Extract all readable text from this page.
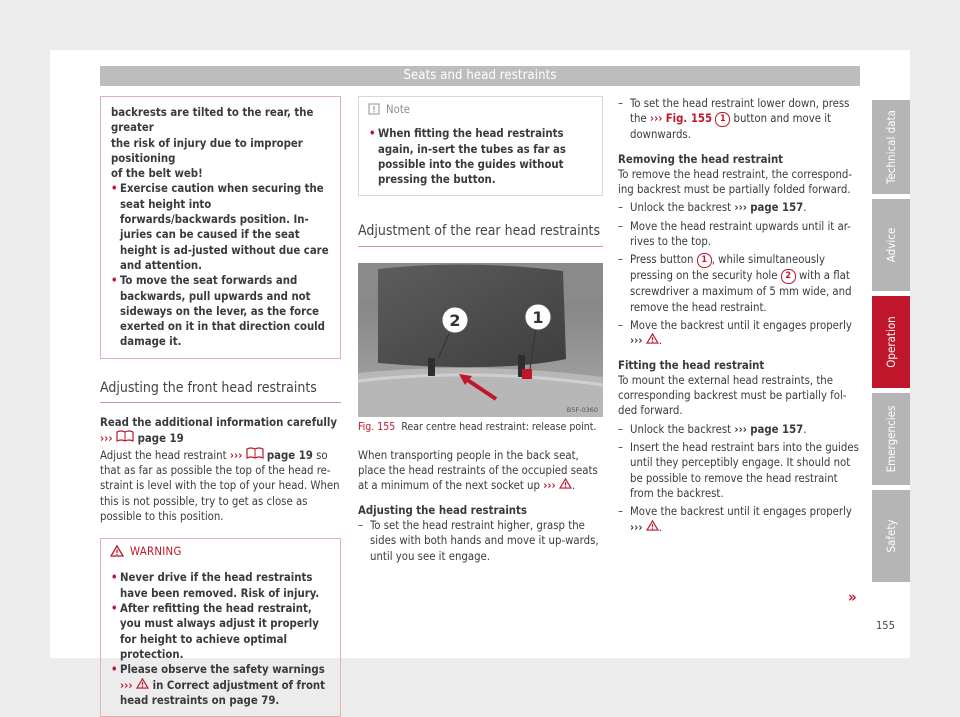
Seats and head restraints
backrests are tilted to the rear, the greater
the risk of injury due to improper positioning
of the belt web!
• Exercise caution when securing the seat height into forwards/backwards position. In-juries can be caused if the seat height is ad-justed without due care and attention.
• To move the seat forwards and backwards, pull upwards and not sideways on the lever, as the force exerted on it in that direction could damage it.
Adjusting the front head restraints
Read the additional information carefully
››› page 19
Adjust the head restraint ››› page 19 so that as far as possible the top of the head re-straint is level with the top of your head. When this is not possible, try to get as close as possible to this position.
WARNING
• Never drive if the head restraints have been removed. Risk of injury.
• After refitting the head restraint, you must always adjust it properly for height to achieve optimal protection.
• Please observe the safety warnings ››› in Correct adjustment of front head restraints on page 79.
Note
• When fitting the head restraints again, in-sert the tubes as far as possible into the guides without pressing the button.
Adjustment of the rear head restraints
2	1
B5F-0360
Fig. 155 Rear centre head restraint: release point.
When transporting people in the back seat, place the head restraints of the occupied seats at a minimum of the next socket up ››› .
Adjusting the head restraints
– To set the head restraint higher, grasp the sides with both hands and move it up-wards, until you see it engage.
– To set the head restraint lower down, press the ››› Fig. 155 1 button and move it downwards.
Removing the head restraint
To remove the head restraint, the correspond-ing backrest must be partially folded forward.
– Unlock the backrest ››› page 157.
– Move the head restraint upwards until it ar-rives to the top.
– Press button 1 , while simultaneously pressing on the security hole 2 with a flat screwdriver a maximum of 5 mm wide, and remove the head restraint.
– Move the backrest until it engages properly
››› .
Fitting the head restraint
To mount the external head restraints, the corresponding backrest must be partially fol-ded forward.
– Unlock the backrest ››› page 157.
– Insert the head restraint bars into the guides until they perceptibly engage. It should not be possible to remove the head restraint from the backrest.
– Move the backrest until it engages properly
››› .
»
Technical data
Advice
Operation
Emergencies
Safety
155
